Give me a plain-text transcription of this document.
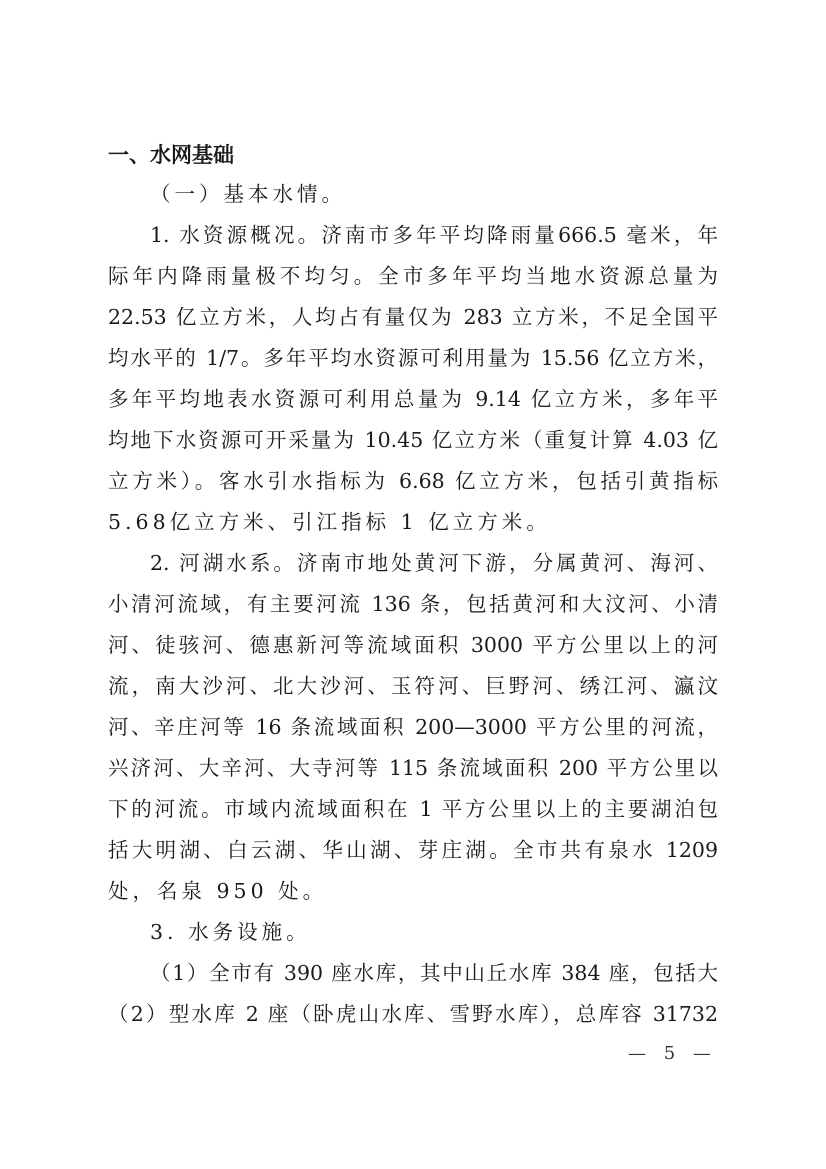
一、水网基础
（一）基本水情。
1. 水资源概况。济南市多年平均降雨量666.5 毫米，年
际年内降雨量极不均匀。全市多年平均当地水资源总量为
22.53 亿立方米，人均占有量仅为 283 立方米，不足全国平
均水平的 1/7。多年平均水资源可利用量为 15.56 亿立方米，
多年平均地表水资源可利用总量为 9.14 亿立方米，多年平
均地下水资源可开采量为 10.45 亿立方米（重复计算 4.03 亿
立方米）。客水引水指标为 6.68 亿立方米，包括引黄指标
5.68亿立方米、引江指标 1 亿立方米。
2. 河湖水系。济南市地处黄河下游，分属黄河、海河、
小清河流域，有主要河流 136 条，包括黄河和大汶河、小清
河、徒骇河、德惠新河等流域面积 3000 平方公里以上的河
流，南大沙河、北大沙河、玉符河、巨野河、绣江河、瀛汶
河、辛庄河等 16 条流域面积 200—3000 平方公里的河流，
兴济河、大辛河、大寺河等 115 条流域面积 200 平方公里以
下的河流。市域内流域面积在 1 平方公里以上的主要湖泊包
括大明湖、白云湖、华山湖、芽庄湖。全市共有泉水 1209
处，名泉 950 处。
3. 水务设施。
（1）全市有 390 座水库，其中山丘水库 384 座，包括大
（2）型水库 2 座（卧虎山水库、雪野水库），总库容 31732
— 5 —
